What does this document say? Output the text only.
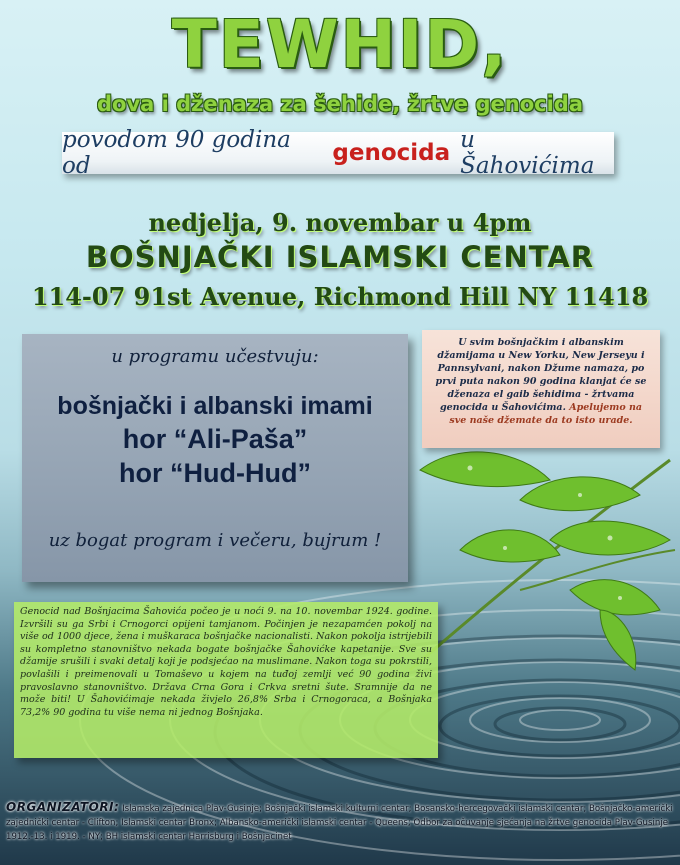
TEWHID,
dova i dženaza za šehide, žrtve genocida
povodom 90 godina od	genocida u Šahovićima
nedjelja, 9. novembar u 4pm
BOŠNJAČKI ISLAMSKI CENTAR
114-07 91st Avenue, Richmond Hill NY 11418
u programu učestvuju:
bošnjački i albanski imami
hor “Ali-Paša”
hor “Hud-Hud”
uz bogat program i večeru, bujrum !
U svim bošnjačkim i albanskim džamijama u New Yorku, New Jerseyu i Pannsylvani, nakon Džume namaza, po prvi puta nakon 90 godina klanjat će se dženaza el gaib šehidima - žrtvama genocida u Šahovićima. Apelujemo na sve naše džemate da to isto urade.
Genocid nad Bošnjacima Šahovića počeo je u noći 9. na 10. novembar 1924. godine. Izvršili su ga Srbi i Crnogorci opijeni tamjanom. Počinjen je nezapamćen pokolj na više od 1000 djece, žena i muškaraca bošnjačke nacionalisti. Nakon pokolja istrijebili su kompletno stanovništvo nekada bogate bošnjačke Šahovićke kapetanije. Sve su džamije srušili i svaki detalj koji je podsjećao na muslimane. Nakon toga su pokrstili, povlašili i preimenovali u Tomaševo u kojem na tuđoj zemlji već 90 godina živi pravoslavno stanovništvo. Država Crna Gora i Crkva sretni šute. Sramnije da ne može biti! U Šahovićimaje nekada živjelo 26,8% Srba i Crnogoraca, a Bošnjaka 73,2% 90 godina tu više nema ni jednog Bošnjaka.
ORGANIZATORI: Islamska zajednica Plav-Gusinje; Bošnjački islamski kulturni centar; Bosansko-hercegovački islamski centar; Bošnjačko-američki zajednički centar - Clifton; Islamski centar Bronx; Albansko-američki islamski centar - Queens; Odbor za očuvanje sjećanja na žrtve genocida Plav-Gusinje 1912.-13. i 1919. - NY; BH islamski centar Harrisburg i Bošnjacinet
